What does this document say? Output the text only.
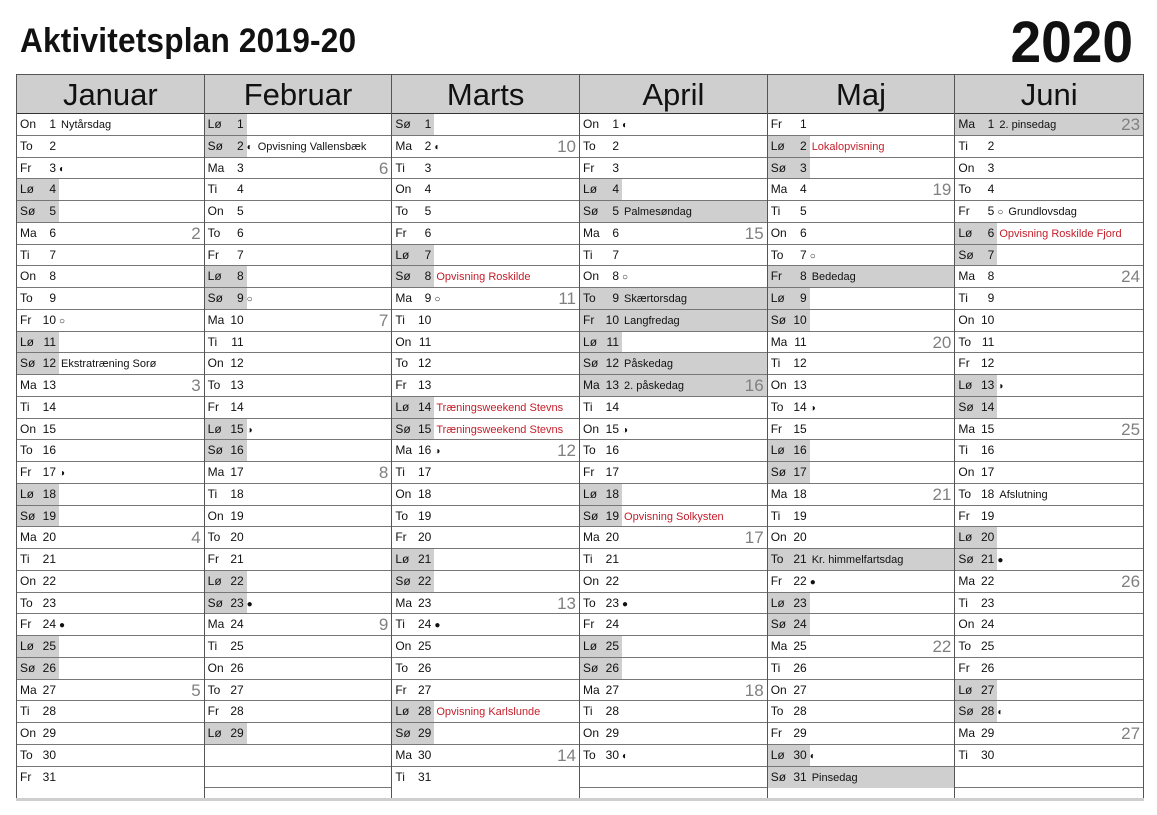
Aktivitetsplan 2019-20	2020
Januar
On 1 Nytårsdag
To 2
Fr 3 ◐
Lø 4
Sø 5
Ma 6	2
Ti 7
On 8
To 9
Fr 10 ○
Lø 11
Sø 12 Ekstratræning Sorø
Ma 13	3
Ti 14
On 15
To 16
Fr 17 ◑
Lø 18
Sø 19
Ma 20	4
Ti 21
On 22
To 23
Fr 24 ●
Lø 25
Sø 26
Ma 27	5
Ti 28
On 29
To 30
Fr 31
Februar
Lø 1
Sø 2 ◐ Opvisning Vallensbæk
Ma 3	6
Ti 4
On 5
To 6
Fr 7
Lø 8
Sø 9 ○
Ma 10	7
Ti 11
On 12
To 13
Fr 14
Lø 15 ◑
Sø 16
Ma 17	8
Ti 18
On 19
To 20
Fr 21
Lø 22
Sø 23 ●
Ma 24	9
Ti 25
On 26
To 27
Fr 28
Lø 29
Marts
Sø 1
Ma 2 ◐	10
Ti 3
On 4
To 5
Fr 6
Lø 7
Sø 8 Opvisning Roskilde
Ma 9 ○	11
Ti 10
On 11
To 12
Fr 13
Lø 14 Træningsweekend Stevns
Sø 15 Træningsweekend Stevns
Ma 16 ◑	12
Ti 17
On 18
To 19
Fr 20
Lø 21
Sø 22
Ma 23	13
Ti 24 ●
On 25
To 26
Fr 27
Lø 28 Opvisning Karlslunde
Sø 29
Ma 30	14
Ti 31
April
On 1 ◐
To 2
Fr 3
Lø 4
Sø 5 Palmesøndag
Ma 6	15
Ti 7
On 8 ○
To 9 Skærtorsdag
Fr 10 Langfredag
Lø 11
Sø 12 Påskedag
Ma 13 2. påskedag	16
Ti 14
On 15 ◑
To 16
Fr 17
Lø 18
Sø 19 Opvisning Solkysten
Ma 20	17
Ti 21
On 22
To 23 ●
Fr 24
Lø 25
Sø 26
Ma 27	18
Ti 28
On 29
To 30 ◐
Maj
Fr 1
Lø 2 Lokalopvisning
Sø 3
Ma 4	19
Ti 5
On 6
To 7 ○
Fr 8 Bededag
Lø 9
Sø 10
Ma 11	20
Ti 12
On 13
To 14 ◑
Fr 15
Lø 16
Sø 17
Ma 18	21
Ti 19
On 20
To 21 Kr. himmelfartsdag
Fr 22 ●
Lø 23
Sø 24
Ma 25	22
Ti 26
On 27
To 28
Fr 29
Lø 30 ◐
Sø 31 Pinsedag
Juni
Ma 1 2. pinsedag	23
Ti 2
On 3
To 4
Fr 5 ○ Grundlovsdag
Lø 6 Opvisning Roskilde Fjord
Sø 7
Ma 8	24
Ti 9
On 10
To 11
Fr 12
Lø 13 ◑
Sø 14
Ma 15	25
Ti 16
On 17
To 18 Afslutning
Fr 19
Lø 20
Sø 21 ●
Ma 22	26
Ti 23
On 24
To 25
Fr 26
Lø 27
Sø 28 ◐
Ma 29	27
Ti 30
